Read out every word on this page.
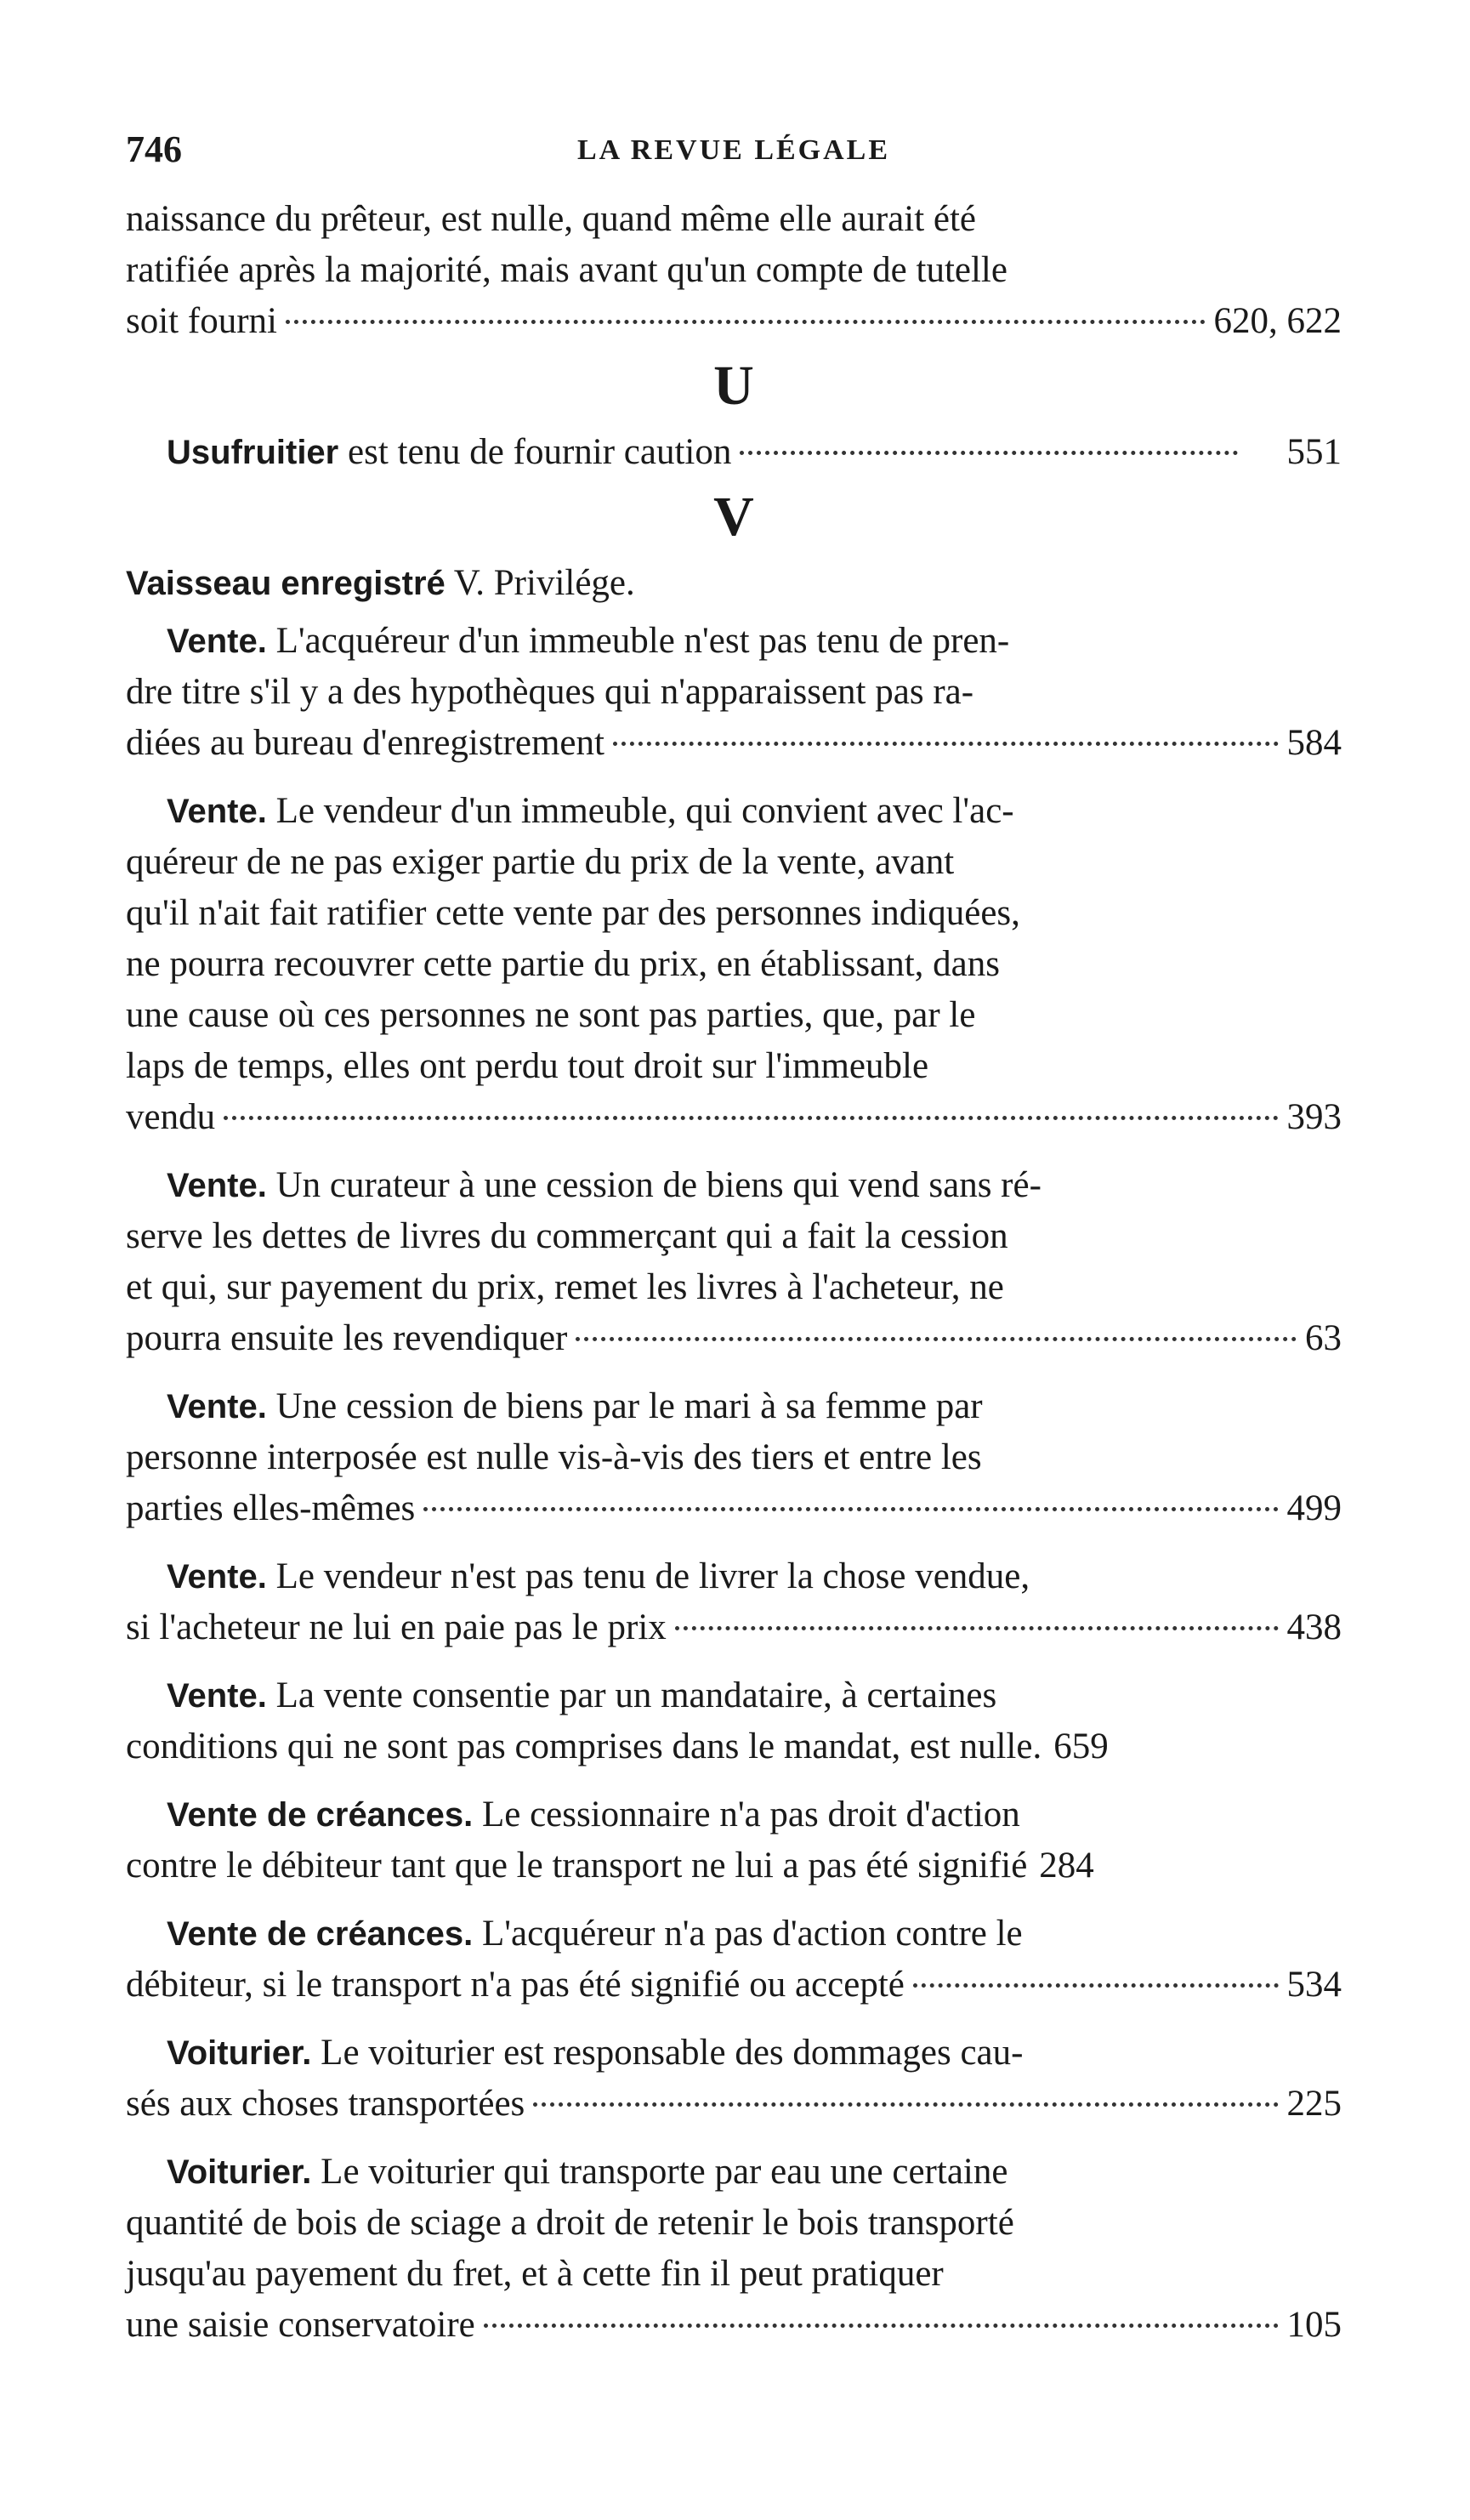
746	LA REVUE LÉGALE
naissance du prêteur, est nulle, quand même elle aurait été
ratifiée après la majorité, mais avant qu'un compte de tutelle
soit fourni	620, 622
U
Usufruitier est tenu de fournir caution	551
V
Vaisseau enregistré V. Privilége.
Vente. L'acquéreur d'un immeuble n'est pas tenu de pren-
dre titre s'il y a des hypothèques qui n'apparaissent pas ra-
diées au bureau d'enregistrement	584
Vente. Le vendeur d'un immeuble, qui convient avec l'ac-
quéreur de ne pas exiger partie du prix de la vente, avant
qu'il n'ait fait ratifier cette vente par des personnes indiquées,
ne pourra recouvrer cette partie du prix, en établissant, dans
une cause où ces personnes ne sont pas parties, que, par le
laps de temps, elles ont perdu tout droit sur l'immeuble
vendu	393
Vente. Un curateur à une cession de biens qui vend sans ré-
serve les dettes de livres du commerçant qui a fait la cession
et qui, sur payement du prix, remet les livres à l'acheteur, ne
pourra ensuite les revendiquer	63
Vente. Une cession de biens par le mari à sa femme par
personne interposée est nulle vis-à-vis des tiers et entre les
parties elles-mêmes	499
Vente. Le vendeur n'est pas tenu de livrer la chose vendue,
si l'acheteur ne lui en paie pas le prix	438
Vente. La vente consentie par un mandataire, à certaines
conditions qui ne sont pas comprises dans le mandat, est nulle. 659
Vente de créances. Le cessionnaire n'a pas droit d'action
contre le débiteur tant que le transport ne lui a pas été signifié 284
Vente de créances. L'acquéreur n'a pas d'action contre le
débiteur, si le transport n'a pas été signifié ou accepté	534
Voiturier. Le voiturier est responsable des dommages cau-
sés aux choses transportées	225
Voiturier. Le voiturier qui transporte par eau une certaine
quantité de bois de sciage a droit de retenir le bois transporté
jusqu'au payement du fret, et à cette fin il peut pratiquer
une saisie conservatoire	105
